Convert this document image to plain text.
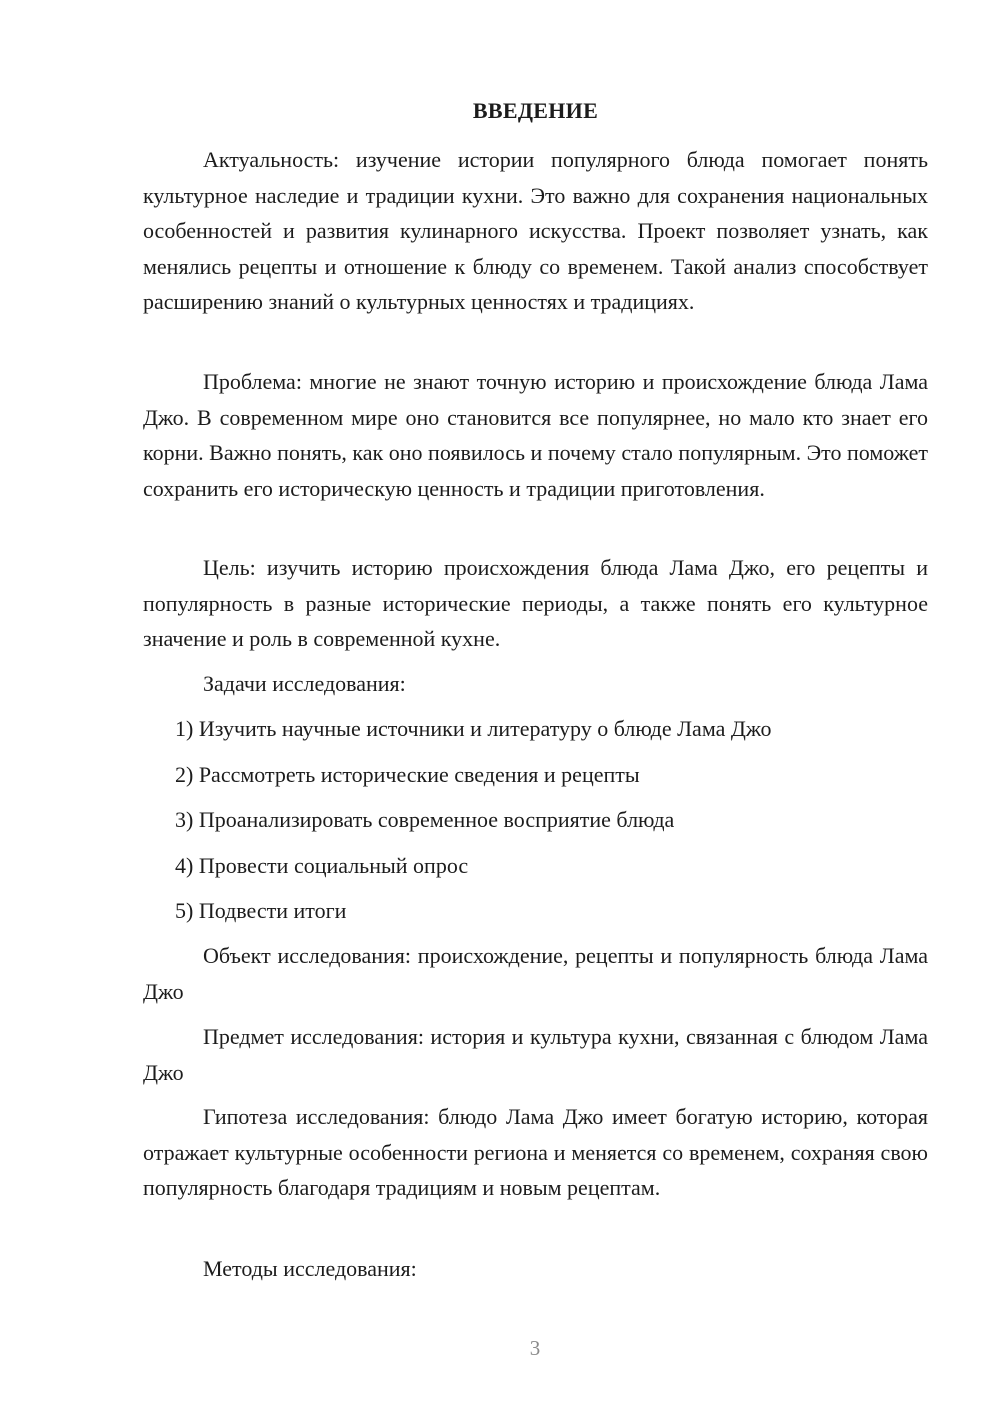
ВВЕДЕНИЕ

Актуальность: изучение истории популярного блюда помогает понять культурное наследие и традиции кухни. Это важно для сохранения национальных особенностей и развития кулинарного искусства. Проект позволяет узнать, как менялись рецепты и отношение к блюду со временем. Такой анализ способствует расширению знаний о культурных ценностях и традициях.

Проблема: многие не знают точную историю и происхождение блюда Лама Джо. В современном мире оно становится все популярнее, но мало кто знает его корни. Важно понять, как оно появилось и почему стало популярным. Это поможет сохранить его историческую ценность и традиции приготовления.

Цель: изучить историю происхождения блюда Лама Джо, его рецепты и популярность в разные исторические периоды, а также понять его культурное значение и роль в современной кухне.

Задачи исследования:

1) Изучить научные источники и литературу о блюде Лама Джо

2) Рассмотреть исторические сведения и рецепты

3) Проанализировать современное восприятие блюда

4) Провести социальный опрос

5) Подвести итоги

Объект исследования: происхождение, рецепты и популярность блюда Лама Джо

Предмет исследования: история и культура кухни, связанная с блюдом Лама Джо

Гипотеза исследования: блюдо Лама Джо имеет богатую историю, которая отражает культурные особенности региона и меняется со временем, сохраняя свою популярность благодаря традициям и новым рецептам.

Методы исследования:

3
